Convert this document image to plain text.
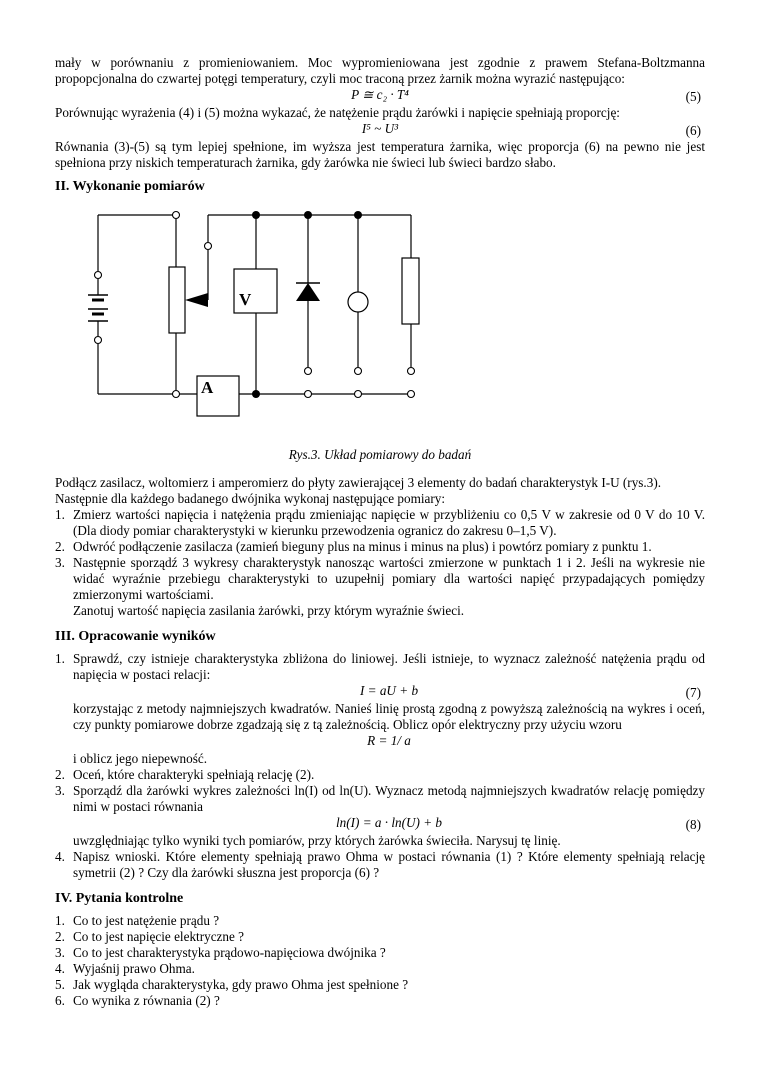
mały w porównaniu z promieniowaniem. Moc wypromieniowana jest zgodnie z prawem Stefana-Boltzmanna propopcjonalna do czwartej potęgi temperatury, czyli moc traconą przez żarnik można wyrazić następująco:

P ≅ c₂ · T⁴	(5)

Porównując wyrażenia (4) i (5) można wykazać, że natężenie prądu żarówki i napięcie spełniają proporcję:

I⁵ ~ U³	(6)

Równania (3)-(5) są tym lepiej spełnione, im wyższa jest temperatura żarnika, więc proporcja (6) na pewno nie jest spełniona przy niskich temperaturach żarnika, gdy żarówka nie świeci lub świeci bardzo słabo.

II. Wykonanie pomiarów
V
A
Rys.3. Układ pomiarowy do badań

Podłącz zasilacz, woltomierz i amperomierz do płyty zawierającej 3 elementy do badań charakterystyk I-U (rys.3).

Następnie dla każdego badanego dwójnika wykonaj następujące pomiary:

1. Zmierz wartości napięcia i natężenia prądu zmieniając napięcie w przybliżeniu co 0,5 V w zakresie od 0 V do 10 V. (Dla diody pomiar charakterystyki w kierunku przewodzenia ogranicz do zakresu 0–1,5 V).
2. Odwróć podłączenie zasilacza (zamień bieguny plus na minus i minus na plus) i powtórz pomiary z punktu 1.
3. Następnie sporządź 3 wykresy charakterystyk nanosząc wartości zmierzone w punktach 1 i 2. Jeśli na wykresie nie widać wyraźnie przebiegu charakterystyki to uzupełnij pomiary dla wartości napięć przypadających pomiędzy zmierzonymi wartościami.

Zanotuj wartość napięcia zasilania żarówki, przy którym wyraźnie świeci.

III. Opracowanie wyników
1. Sprawdź, czy istnieje charakterystyka zbliżona do liniowej. Jeśli istnieje, to wyznacz zależność natężenia prądu od napięcia w postaci relacji:
I = aU + b	(7)
korzystając z metody najmniejszych kwadratów. Nanieś linię prostą zgodną z powyższą zależnością na wykres i oceń, czy punkty pomiarowe dobrze zgadzają się z tą zależnością. Oblicz opór elektryczny przy użyciu wzoru
R = 1/ a
i oblicz jego niepewność.
2. Oceń, które charakteryki spełniają relację (2).
3. Sporządź dla żarówki wykres zależności ln(I) od ln(U). Wyznacz metodą najmniejszych kwadratów relację pomiędzy nimi w postaci równania
ln(I) = a · ln(U) + b	(8)
uwzględniając tylko wyniki tych pomiarów, przy których żarówka świeciła. Narysuj tę linię.
4. Napisz wnioski. Które elementy spełniają prawo Ohma w postaci równania (1) ? Które elementy spełniają relację symetrii (2) ? Czy dla żarówki słuszna jest proporcja (6) ?
IV. Pytania kontrolne
1. Co to jest natężenie prądu ?
2. Co to jest napięcie elektryczne ?
3. Co to jest charakterystyka prądowo-napięciowa dwójnika ?
4. Wyjaśnij prawo Ohma.
5. Jak wygląda charakterystyka, gdy prawo Ohma jest spełnione ?
6. Co wynika z równania (2) ?
